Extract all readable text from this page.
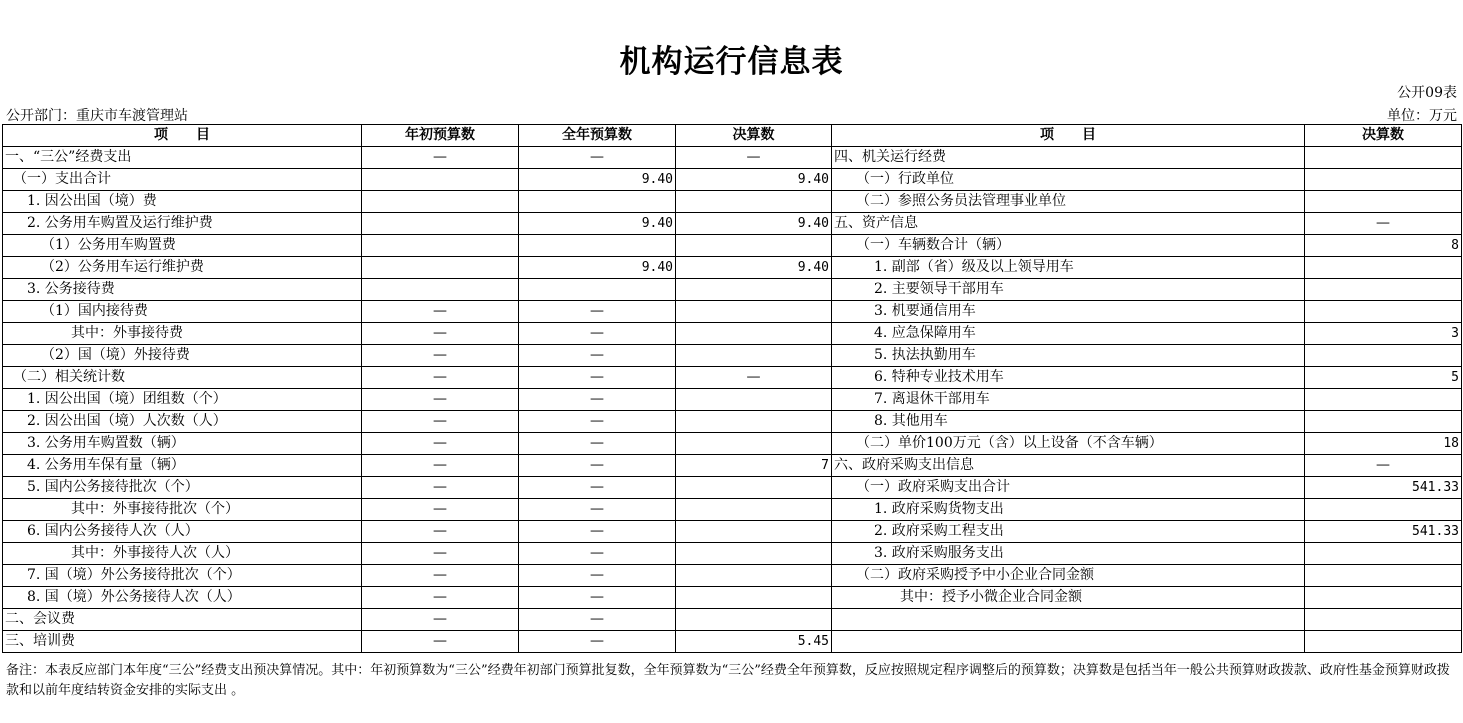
机构运行信息表
公开09表
公开部门：重庆市车渡管理站	单位：万元
项　　目	年初预算数	全年预算数	决算数	项　　目	决算数
一、“三公”经费支出	—	—	—	四、机关运行经费	
（一）支出合计		9.40	9.40	（一）行政单位	
1. 因公出国（境）费				（二）参照公务员法管理事业单位	
2. 公务用车购置及运行维护费		9.40	9.40	五、资产信息	—
（1）公务用车购置费				（一）车辆数合计（辆）	8
（2）公务用车运行维护费		9.40	9.40	1. 副部（省）级及以上领导用车	
3. 公务接待费				2. 主要领导干部用车	
（1）国内接待费	—	—		3. 机要通信用车	
其中：外事接待费	—	—		4. 应急保障用车	3
（2）国（境）外接待费	—	—		5. 执法执勤用车	
（二）相关统计数	—	—	—	6. 特种专业技术用车	5
1. 因公出国（境）团组数（个）	—	—		7. 离退休干部用车	
2. 因公出国（境）人次数（人）	—	—		8. 其他用车	
3. 公务用车购置数（辆）	—	—		（二）单价100万元（含）以上设备（不含车辆）	18
4. 公务用车保有量（辆）	—	—	7	六、政府采购支出信息	—
5. 国内公务接待批次（个）	—	—		（一）政府采购支出合计	541.33
其中：外事接待批次（个）	—	—		1. 政府采购货物支出	
6. 国内公务接待人次（人）	—	—		2. 政府采购工程支出	541.33
其中：外事接待人次（人）	—	—		3. 政府采购服务支出	
7. 国（境）外公务接待批次（个）	—	—		（二）政府采购授予中小企业合同金额	
8. 国（境）外公务接待人次（人）	—	—		其中：授予小微企业合同金额	
二、会议费	—	—			
三、培训费	—	—	5.45		
备注：本表反应部门本年度“三公”经费支出预决算情况。其中：年初预算数为“三公”经费年初部门预算批复数，全年预算数为“三公”经费全年预算数，反应按照规定程序调整后的预算数；决算数是包括当年一般公共预算财政拨款、政府性基金预算财政拨款和以前年度结转资金安排的实际支出 。
